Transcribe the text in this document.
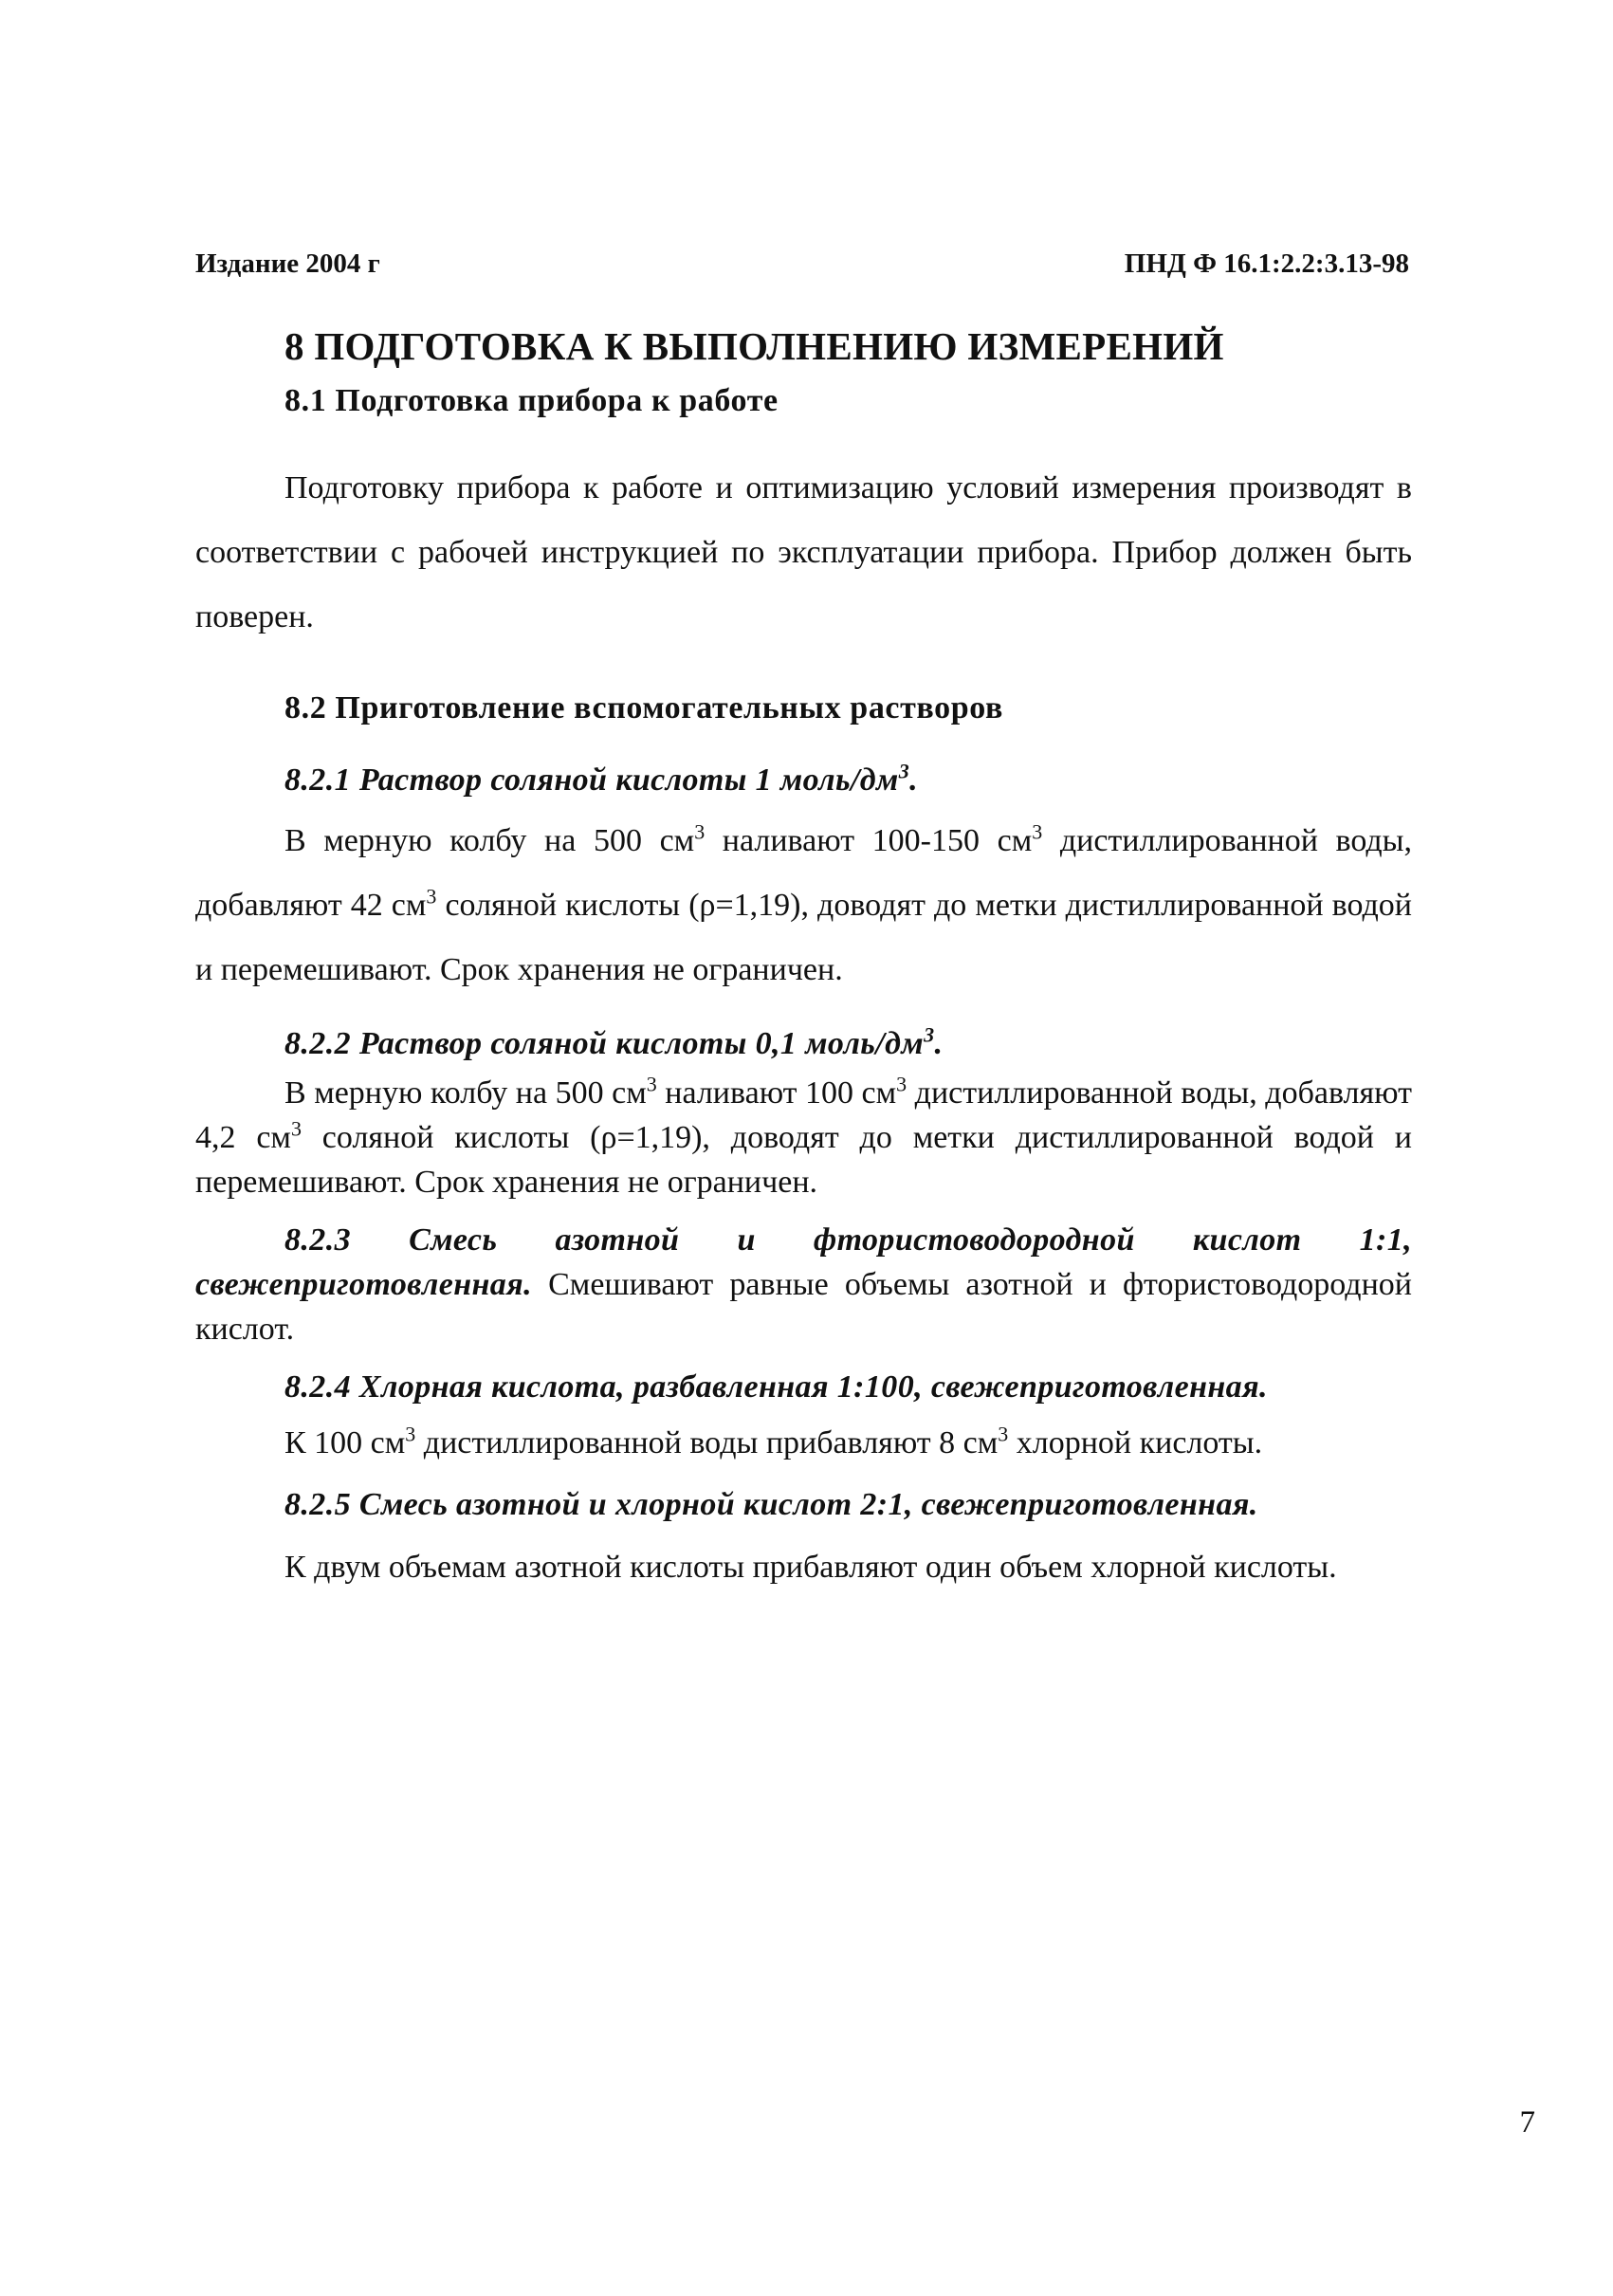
Издание 2004 г	ПНД Ф 16.1:2.2:3.13-98
8 ПОДГОТОВКА К ВЫПОЛНЕНИЮ ИЗМЕРЕНИЙ
8.1 Подготовка прибора к работе

Подготовку прибора к работе и оптимизацию условий измерения производят в соответствии с рабочей инструкцией по эксплуатации прибора. Прибор должен быть поверен.

8.2 Приготовление вспомогательных растворов
8.2.1 Раствор соляной кислоты 1 моль/$дм^3$.

В мерную колбу на 500 $см^3$ наливают 100-150 $см^3$ дистиллированной воды, добавляют 42 $см^3$ соляной кислоты (ρ=1,19), доводят до метки дистиллированной водой и перемешивают. Срок хранения не ограничен.

8.2.2 Раствор соляной кислоты 0,1 моль/$дм^3$.

В мерную колбу на 500 $см^3$ наливают 100 $см^3$ дистиллированной воды, добавляют 4,2 $см^3$ соляной кислоты (ρ=1,19), доводят до метки дистиллированной водой и перемешивают. Срок хранения не ограничен.

8.2.3 Смесь азотной и фтористоводородной кислот 1:1, свежеприготовленная. Смешивают равные объемы азотной и фтористоводородной кислот.

8.2.4 Хлорная кислота, разбавленная 1:100, свежеприготовленная.

К 100 $см^3$ дистиллированной воды прибавляют 8 $см^3$ хлорной кислоты.

8.2.5 Смесь азотной и хлорной кислот 2:1, свежеприготовленная.

К двум объемам азотной кислоты прибавляют один объем хлорной кислоты.

7
